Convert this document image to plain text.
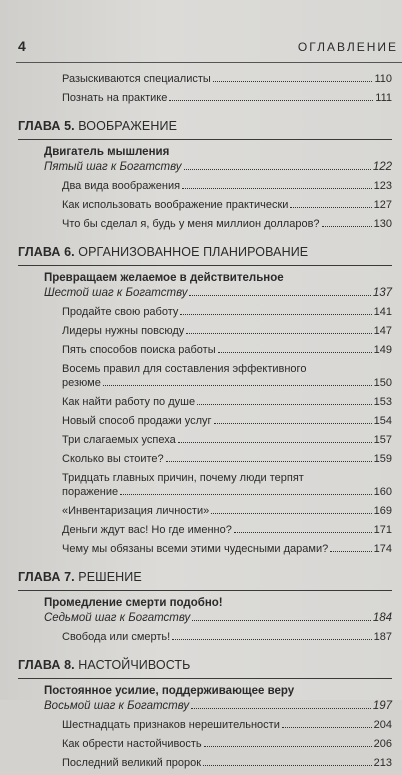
4	ОГЛАВЛЕНИЕ
Разыскиваются специалисты	110
Познать на практике	111
ГЛАВА 5. ВООБРАЖЕНИЕ
Двигатель мышления
Пятый шаг к Богатству	122
Два вида воображения	123
Как использовать воображение практически	127
Что бы сделал я, будь у меня миллион долларов?	130
ГЛАВА 6. ОРГАНИЗОВАННОЕ ПЛАНИРОВАНИЕ
Превращаем желаемое в действительное
Шестой шаг к Богатству	137
Продайте свою работу	141
Лидеры нужны повсюду	147
Пять способов поиска работы	149
Восемь правил для составления эффективного
резюме	150
Как найти работу по душе	153
Новый способ продажи услуг	154
Три слагаемых успеха	157
Сколько вы стоите?	159
Тридцать главных причин, почему люди терпят
поражение	160
«Инвентаризация личности»	169
Деньги ждут вас! Но где именно?	171
Чему мы обязаны всеми этими чудесными дарами?	174
ГЛАВА 7. РЕШЕНИЕ
Промедление смерти подобно!
Седьмой шаг к Богатству	184
Свобода или смерть!	187
ГЛАВА 8. НАСТОЙЧИВОСТЬ
Постоянное усилие, поддерживающее веру
Восьмой шаг к Богатству	197
Шестнадцать признаков нерешительности	204
Как обрести настойчивость	206
Последний великий пророк	213
